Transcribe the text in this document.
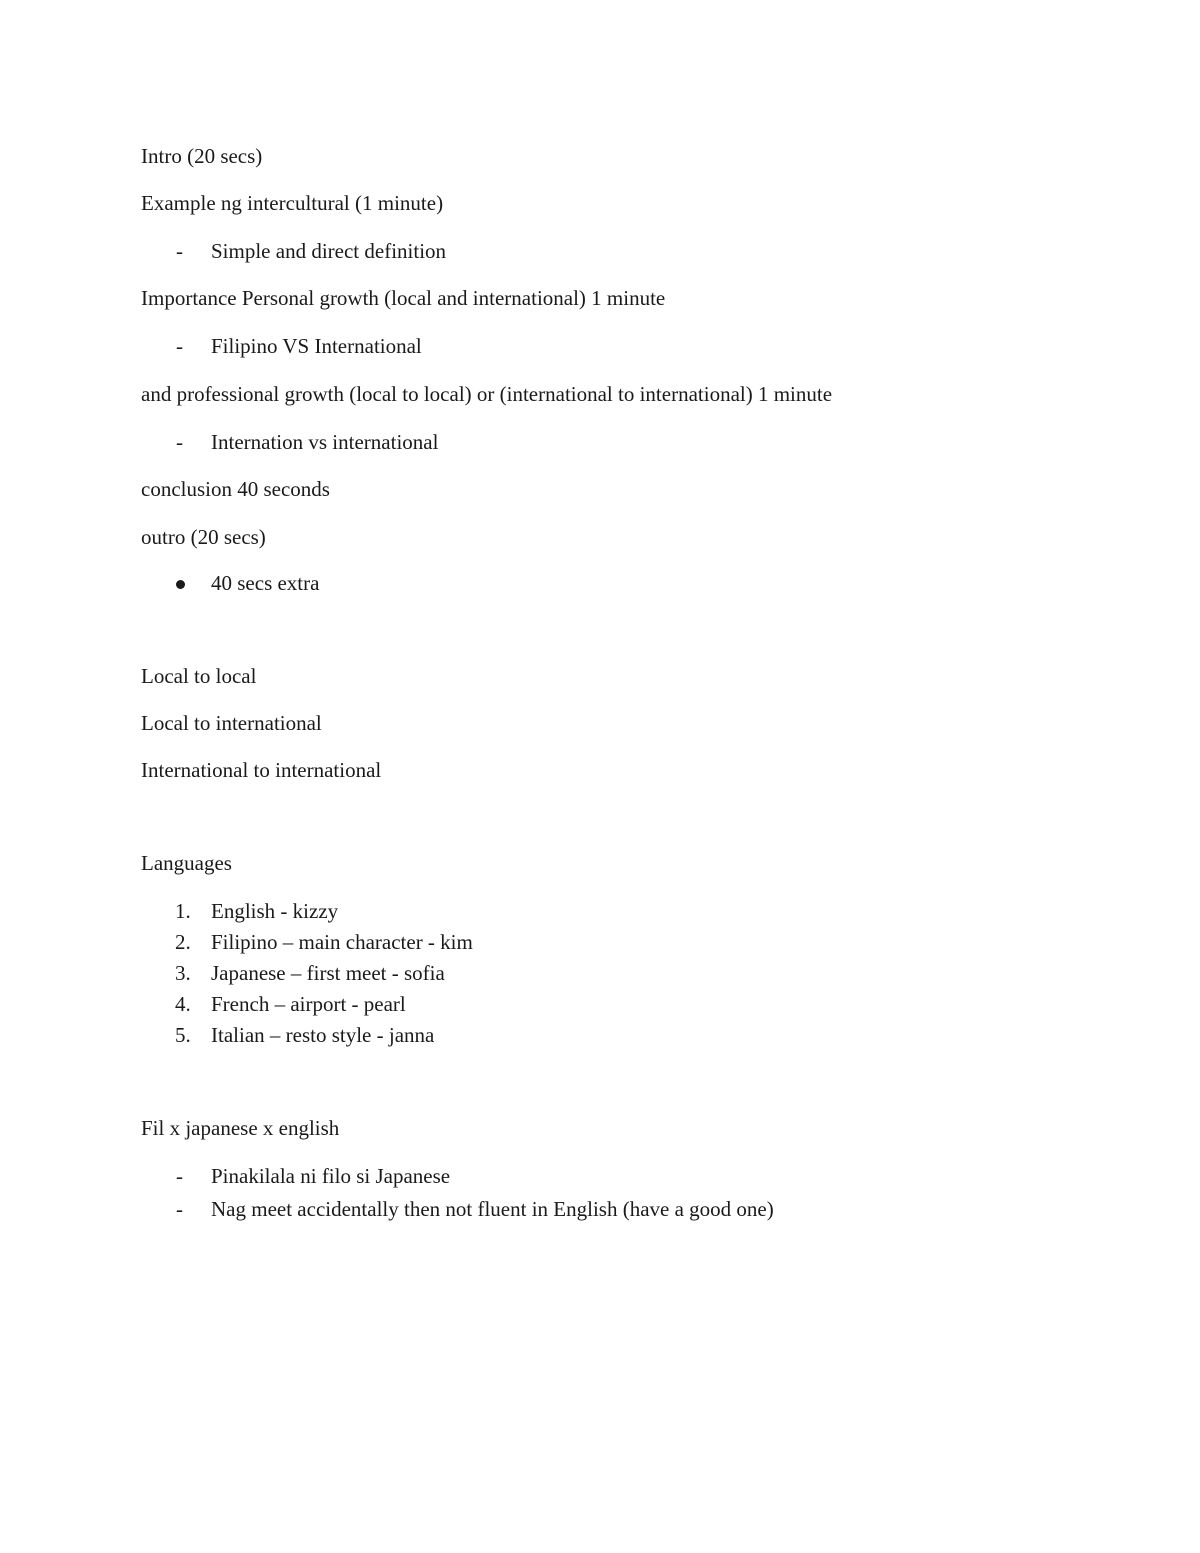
Intro (20 secs)
Example ng intercultural (1 minute)
- Simple and direct definition
Importance Personal growth (local and international) 1 minute
- Filipino VS International
and professional growth (local to local) or (international to international) 1 minute
- Internation vs international
conclusion 40 seconds
outro (20 secs)
40 secs extra
Local to local
Local to international
International to international
Languages
1. English - kizzy
2. Filipino – main character - kim
3. Japanese – first meet - sofia
4. French – airport - pearl
5. Italian – resto style - janna
Fil x japanese x english
- Pinakilala ni filo si Japanese
- Nag meet accidentally then not fluent in English (have a good one)
